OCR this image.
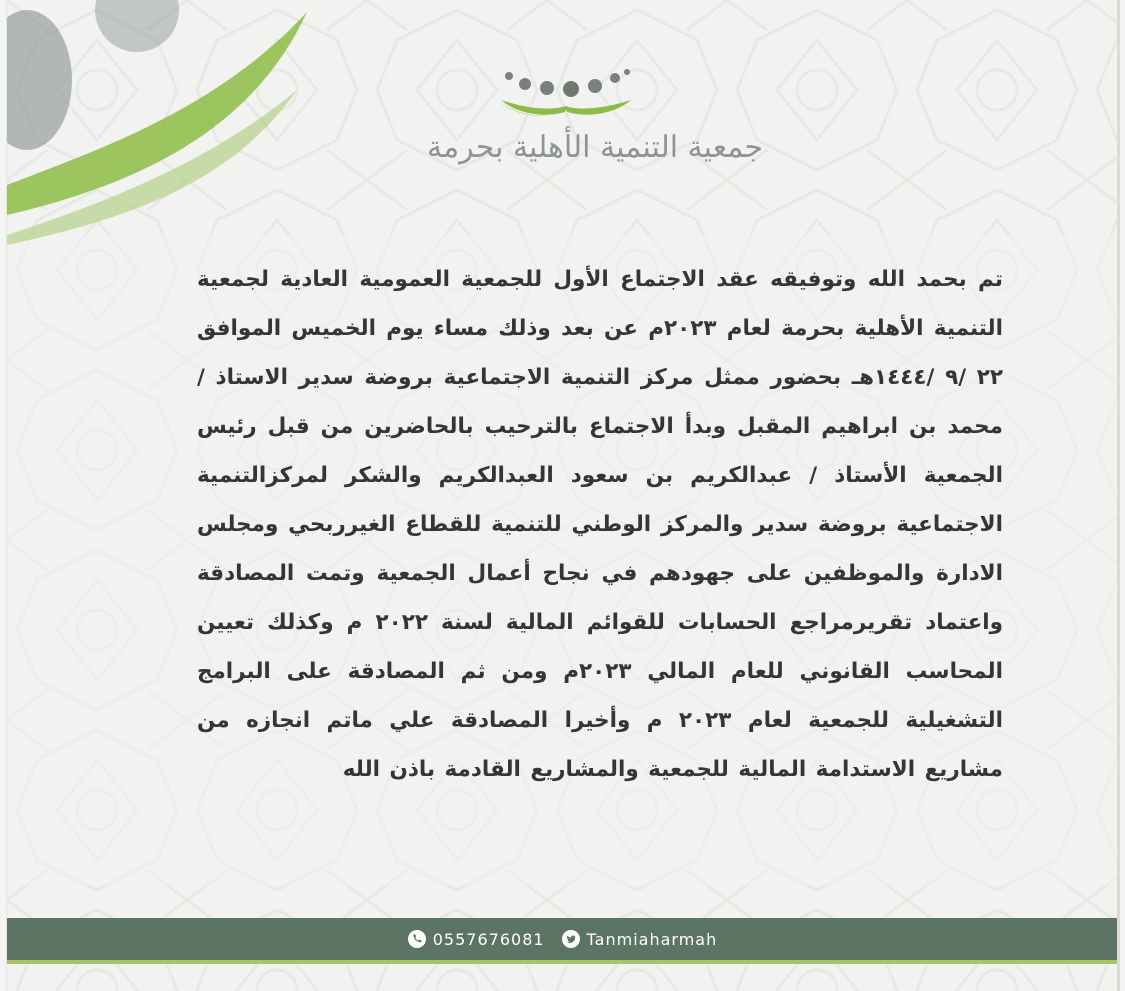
جمعية التنمية الأهلية بحرمة

تم بحمد الله وتوفيقه عقد الاجتماع الأول للجمعية العمومية العادية لجمعية التنمية الأهلية بحرمة لعام ٢٠٢٣م عن بعد وذلك مساء يوم الخميس الموافق ٢٢ /٩ /١٤٤٤هـ بحضور ممثل مركز التنمية الاجتماعية بروضة سدير الاستاذ / محمد بن ابراهيم المقبل وبدأ الاجتماع بالترحيب بالحاضرين من قبل رئيس الجمعية الأستاذ / عبدالكريم بن سعود العبدالكريم والشكر لمركزالتنمية الاجتماعية بروضة سدير والمركز الوطني للتنمية للقطاع الغيرربحي ومجلس الادارة والموظفين على جهودهم في نجاح أعمال الجمعية وتمت المصادقة واعتماد تقريرمراجع الحسابات للقوائم المالية لسنة ٢٠٢٢ م وكذلك تعيين المحاسب القانوني للعام المالي ٢٠٢٣م ومن ثم المصادقة على البرامج التشغيلية للجمعية لعام ٢٠٢٣ م وأخيرا المصادقة علي ماتم انجازه من مشاريع الاستدامة المالية للجمعية والمشاريع القادمة باذن الله

0557676081	Tanmiaharmah
